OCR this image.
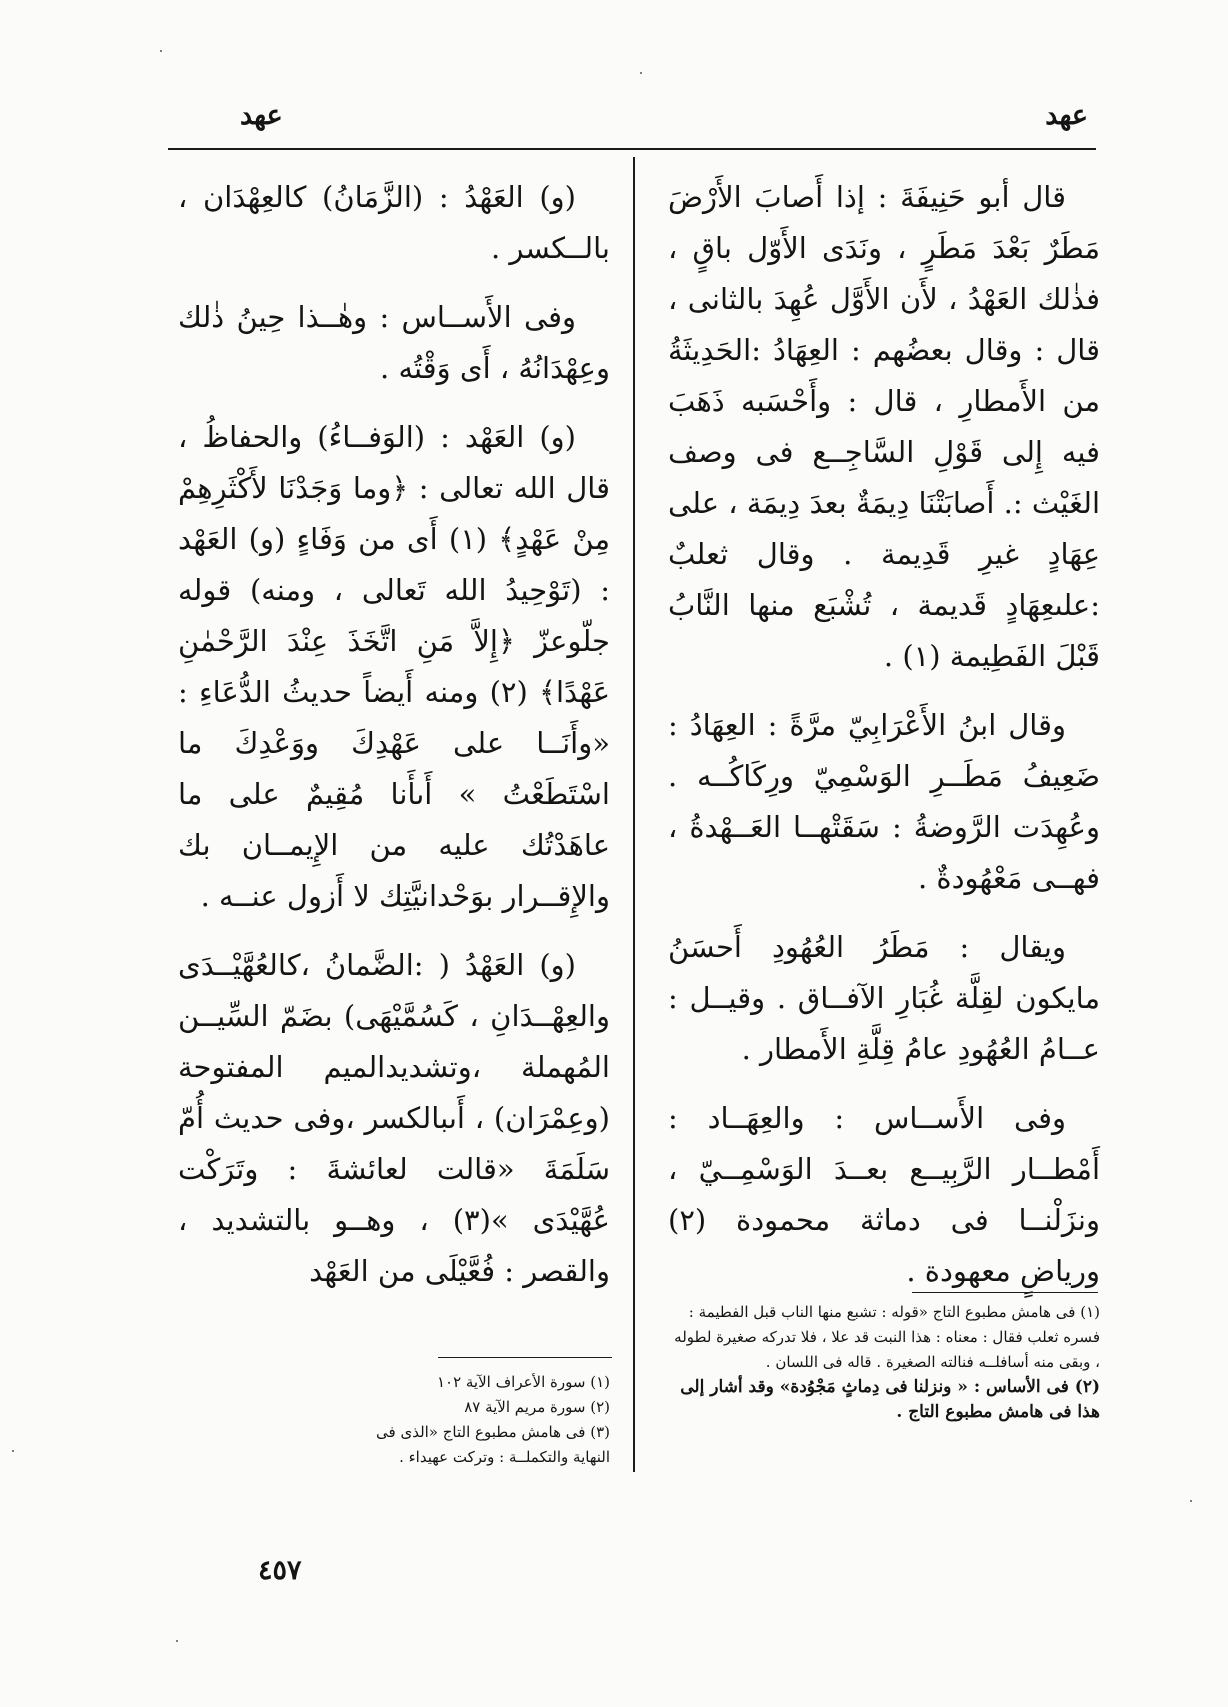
عهد
عهد

قال أبو حَنِيفَةَ : إذا أَصابَ الأَرْضَ مَطَرٌ بَعْدَ مَطَرٍ ، ونَدَى الأَوّل باقٍ ، فذٰلك العَهْدُ ، لأَن الأَوَّل عُهِدَ بالثانى ، قال : وقال بعضُهم : العِهَادُ :الحَدِيثَةُ من الأَمطارِ ، قال : وأَحْسَبه ذَهَبَ فيه إِلى قَوْلِ السَّاجِــع فى وصف الغَيْث :. أَصابَتْنَا دِيمَةٌ بعدَ دِيمَة ، على عِهَادٍ غيرِ قَدِيمة . وقال ثعلبٌ :علىعِهَادٍ قَديمة ، تُشْبَع منها النَّابُ قَبْلَ الفَطِيمة (١) .

وقال ابنُ الأَعْرَابِيّ مرَّةً : العِهَادُ : ضَعِيفُ مَطَــرِ الوَسْمِيّ ورِكَاكُــه . وعُهِدَت الرَّوضةُ : سَقَتْهــا العَــهْدةُ ، فهــى مَعْهُودةٌ .

ويقال : مَطَرُ العُهُودِ أَحسَنُ مايكون لقِلَّة غُبَارِ الآفــاق . وقيــل : عــامُ العُهُودِ عامُ قِلَّةِ الأَمطار .

وفى الأَســاس : والعِهَــاد : أَمْطــار الرَّبِيــع بعــدَ الوَسْمِــيّ ، ونزَلْنــا فى دماثة محمودة (٢) ورياضٍ معهودة .

(و) العَهْدُ : (الزَّمَانُ) كالعِهْدَان ، بالــكسر .

وفى الأَســاس : وهٰــذا حِينُ ذٰلك وعِهْدَانُهُ ، أَى وَقْتُه .

(و) العَهْد : (الوَفــاءُ) والحفاظُ ، قال الله تعالى : ﴿وما وَجَدْنَا لأَكْثَرِهِمْ مِنْ عَهْدٍ﴾ (١) أَى من وَفَاءٍ (و) العَهْد : (تَوْحِيدُ الله تَعالى ، ومنه) قوله جلّوعزّ ﴿إِلاَّ مَنِ اتَّخَذَ عِنْدَ الرَّحْمٰنِ عَهْدًا﴾ (٢) ومنه أَيضاً حديثُ الدُّعَاءِ : «وأَنَــا على عَهْدِكَ ووَعْدِكَ ما اسْتَطَعْتُ » أَىأَنا مُقِيمٌ على ما عاهَدْتُك عليه من الإِيمــان بك والإِقــرار بوَحْدانيَّتِك لا أَزول عنــه .

(و) العَهْدُ ( :الضَّمانُ ،كالعُهَّيْــدَى والعِهْــدَانِ ، كَسُمَّيْهَى) بضَمّ السِّيــن المُهملة ،وتشديدالميم المفتوحة (وعِمْرَان) ، أَىبالكسر ،وفى حديث أُمّ سَلَمَةَ «قالت لعائشةَ : وتَرَكْت عُهَّيْدَى »(٣) ، وهــو بالتشديد ، والقصر : فُعَّيْلَى من العَهْد

(١) فى هامش مطبوع التاج «قوله : تشبع منها الناب قبل الفطيمة : فسره ثعلب فقال : معناه : هذا النبت قد علا ، فلا تدركه صغيرة لطوله ، وبقى منه أسافلــه فنالته الصغيرة . قاله فى اللسان .
(٢) فى الأساس : « ونزلنا فى دِماثٍ مَجْوُدة» وقد أشار إلى هذا فى هامش مطبوع التاج .
(١) سورة الأعراف الآية ١٠٢
(٢) سورة مريم الآية ٨٧
(٣) فى هامش مطبوع التاج «الذى فى النهاية والتكملــة : وتركت عهيداء .
٤٥٧
